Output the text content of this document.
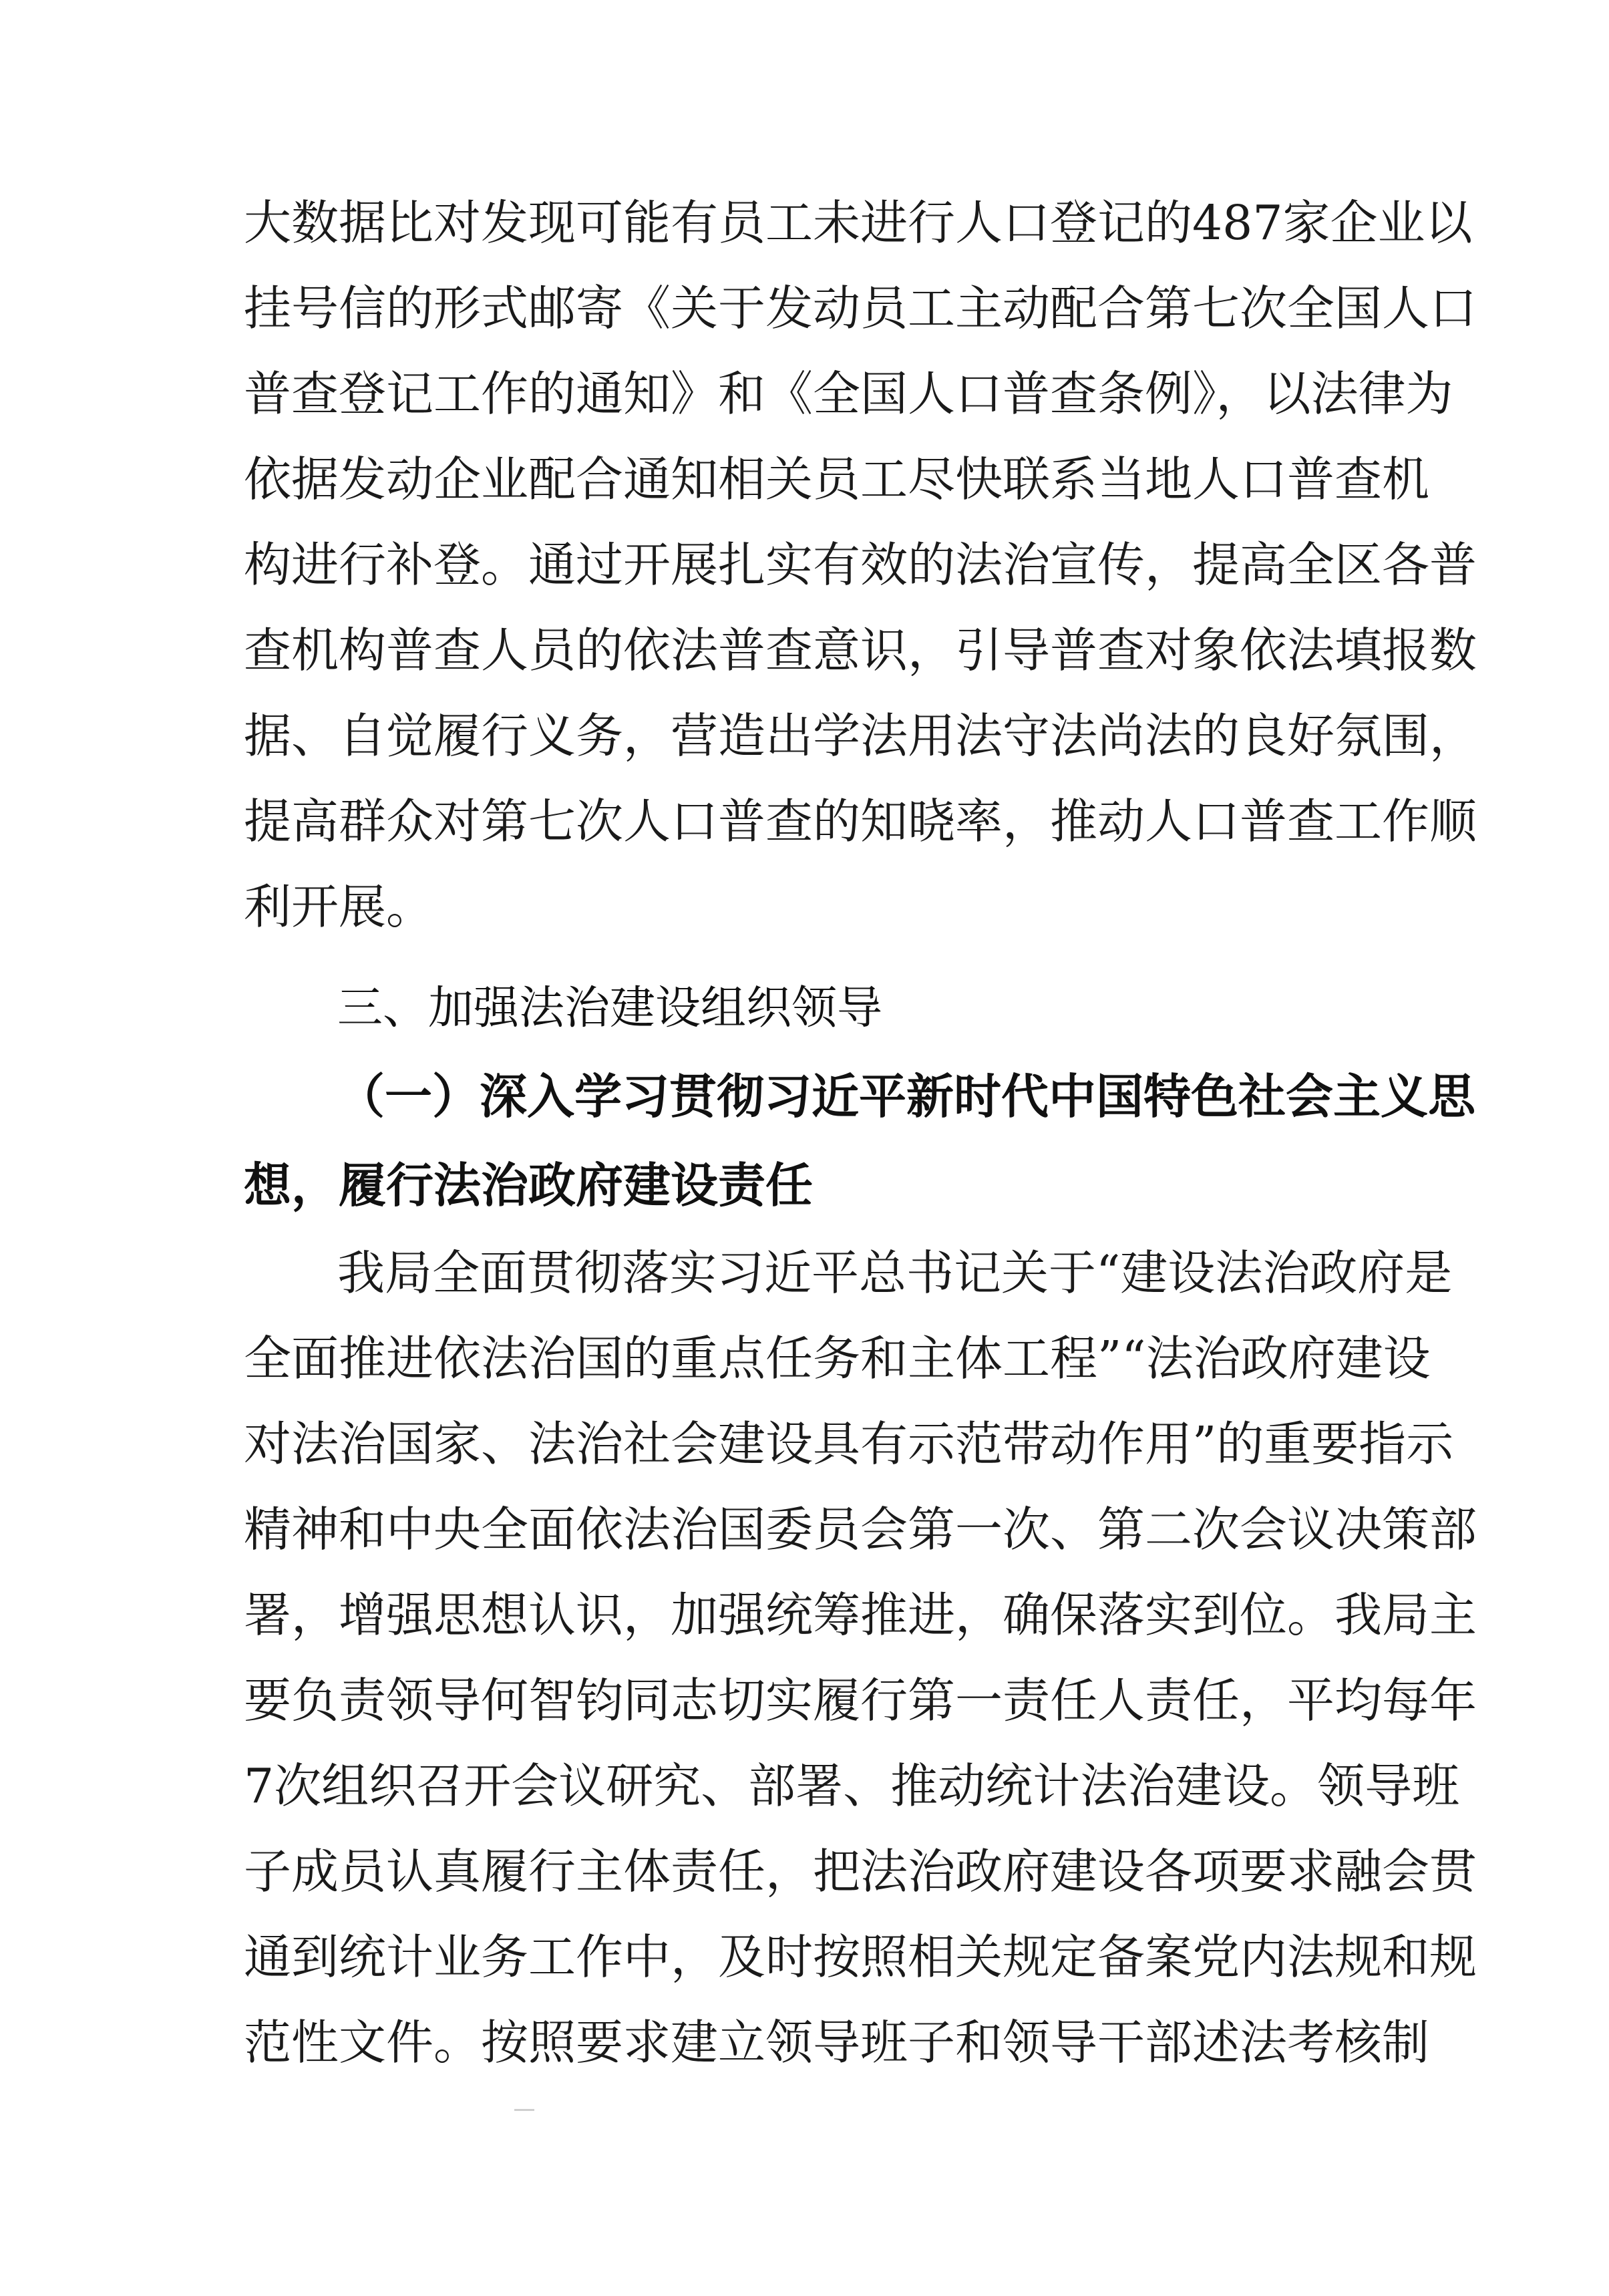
大数据比对发现可能有员工未进行人口登记的487家企业以
挂号信的形式邮寄《关于发动员工主动配合第七次全国人口
普查登记工作的通知》和《全国人口普查条例》，以法律为
依据发动企业配合通知相关员工尽快联系当地人口普查机
构进行补登。通过开展扎实有效的法治宣传，提高全区各普
查机构普查人员的依法普查意识，引导普查对象依法填报数
据、自觉履行义务，营造出学法用法守法尚法的良好氛围，
提高群众对第七次人口普查的知晓率，推动人口普查工作顺
利开展。
三、加强法治建设组织领导
（一）深入学习贯彻习近平新时代中国特色社会主义思
想，履行法治政府建设责任
我局全面贯彻落实习近平总书记关于“建设法治政府是
全面推进依法治国的重点任务和主体工程”“法治政府建设
对法治国家、法治社会建设具有示范带动作用”的重要指示
精神和中央全面依法治国委员会第一次、第二次会议决策部
署，增强思想认识，加强统筹推进，确保落实到位。我局主
要负责领导何智钧同志切实履行第一责任人责任，平均每年
7次组织召开会议研究、部署、推动统计法治建设。领导班
子成员认真履行主体责任，把法治政府建设各项要求融会贯
通到统计业务工作中，及时按照相关规定备案党内法规和规
范性文件。按照要求建立领导班子和领导干部述法考核制
